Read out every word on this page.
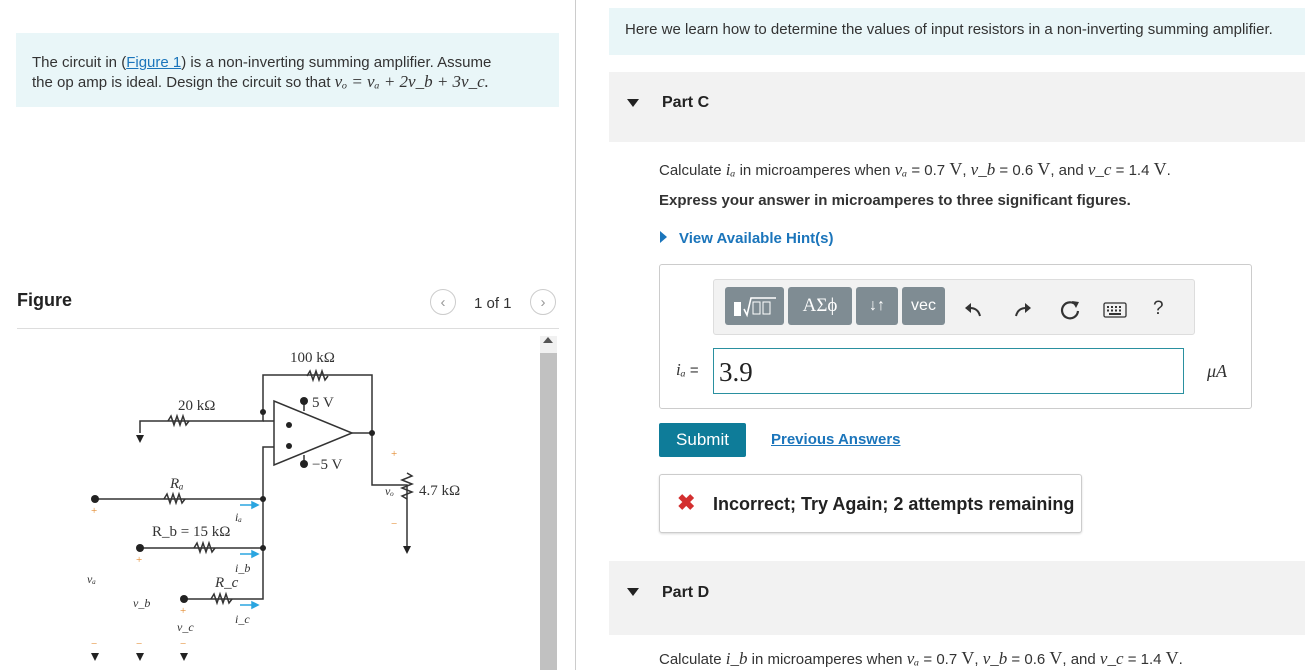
The circuit in (Figure 1) is a non-inverting summing amplifier. Assume
the op amp is ideal. Design the circuit so that vₒ = vₐ + 2v_b + 3v_c.
Figure	‹ 1 of 1 ›
100 kΩ
20 kΩ	5 V
−5 V
4.7 kΩ
Rₐ
R_b = 15 kΩ
R_c
iₐ
i_b
i_c
vₒ
vₐ
v_b
v_c
+
+
+
+
−
−	−	−
Here we learn how to determine the values of input resistors in a non-inverting summing amplifier.
Part C
Calculate iₐ in microamperes when vₐ = 0.7 V, v_b = 0.6 V, and v_c = 1.4 V.
Express your answer in microamperes to three significant figures.
View Available Hint(s)
ΑΣϕ	↓↑	vec	?
iₐ =
3.9	μA
Submit	Previous Answers
✖ Incorrect; Try Again; 2 attempts remaining
Part D
Calculate i_b in microamperes when vₐ = 0.7 V, v_b = 0.6 V, and v_c = 1.4 V.
